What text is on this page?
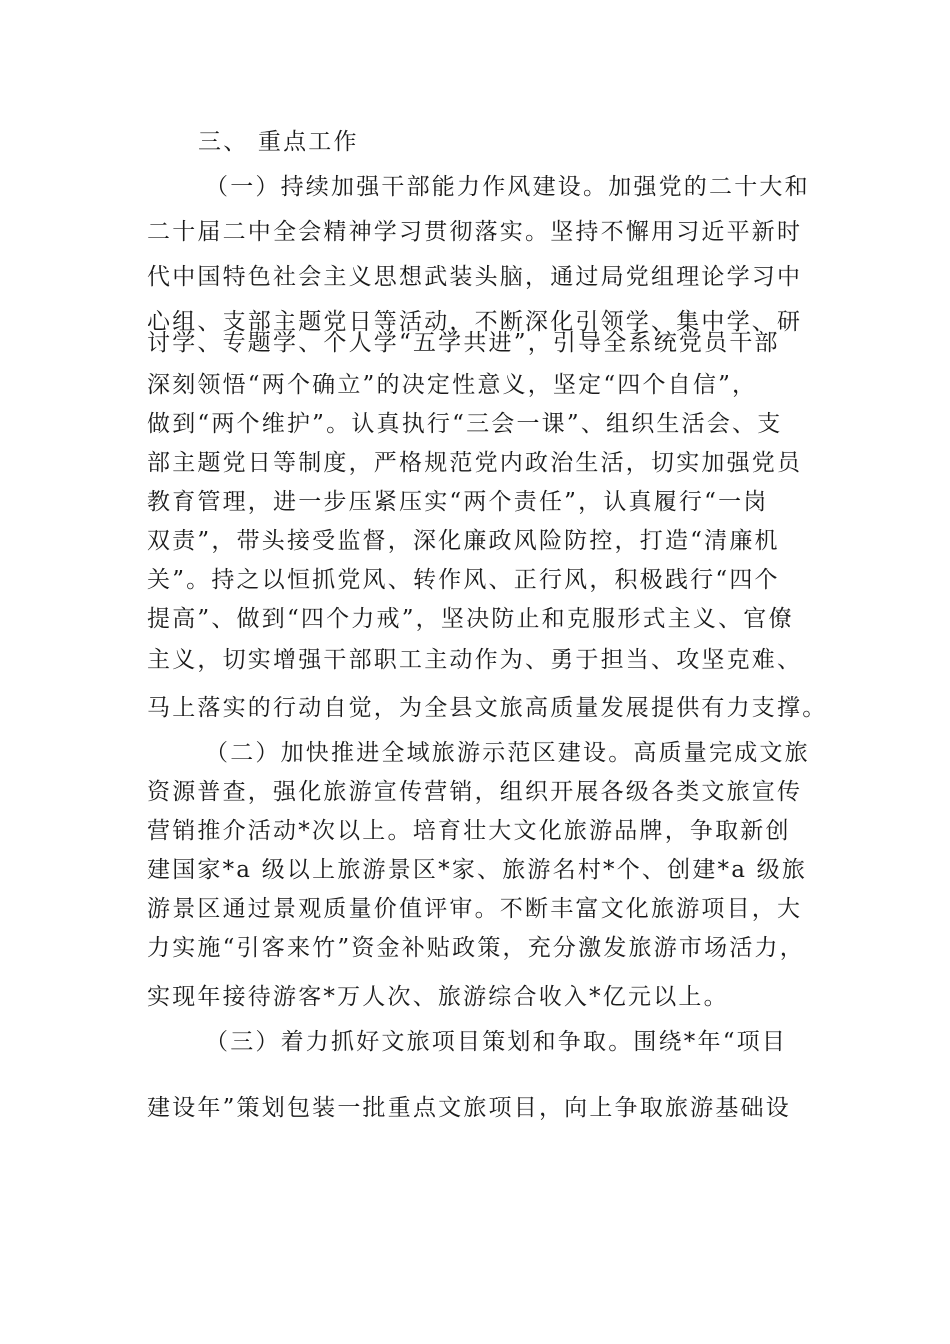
三、 重点工作
（一）持续加强干部能力作风建设。加强党的二十大和
二十届二中全会精神学习贯彻落实。坚持不懈用习近平新时
代中国特色社会主义思想武装头脑，通过局党组理论学习中
心组、支部主题党日等活动，不断深化引领学、集中学、研
讨学、专题学、个人学“五学共进”，引导全系统党员干部
深刻领悟“两个确立”的决定性意义，坚定“四个自信”，
做到“两个维护”。认真执行“三会一课”、组织生活会、支
部主题党日等制度，严格规范党内政治生活，切实加强党员
教育管理，进一步压紧压实“两个责任”，认真履行“一岗
双责”，带头接受监督，深化廉政风险防控，打造“清廉机
关”。持之以恒抓党风、转作风、正行风，积极践行“四个
提高”、做到“四个力戒”，坚决防止和克服形式主义、官僚
主义，切实增强干部职工主动作为、勇于担当、攻坚克难、
马上落实的行动自觉，为全县文旅高质量发展提供有力支撑。
（二）加快推进全域旅游示范区建设。高质量完成文旅
资源普查，强化旅游宣传营销，组织开展各级各类文旅宣传
营销推介活动*次以上。培育壮大文化旅游品牌，争取新创
建国家*a 级以上旅游景区*家、旅游名村*个、创建*a 级旅
游景区通过景观质量价值评审。不断丰富文化旅游项目，大
力实施“引客来竹”资金补贴政策，充分激发旅游市场活力，
实现年接待游客*万人次、旅游综合收入*亿元以上。
（三）着力抓好文旅项目策划和争取。围绕*年“项目
建设年”策划包装一批重点文旅项目，向上争取旅游基础设
